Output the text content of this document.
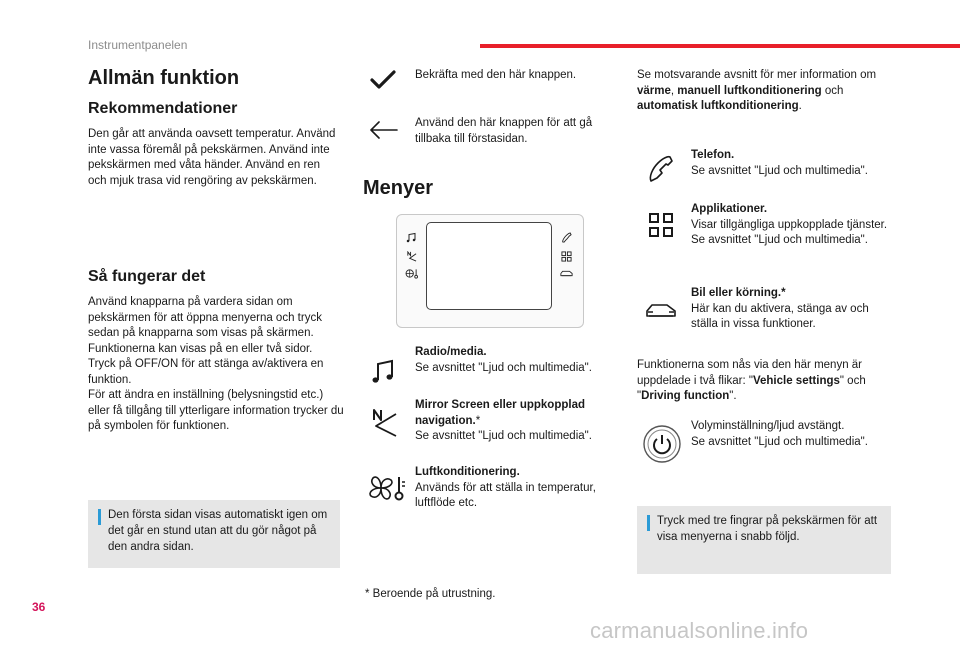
Instrumentpanelen
Allmän funktion
Rekommendationer

Den går att använda oavsett temperatur. Använd inte vassa föremål på pekskärmen. Använd inte pekskärmen med våta händer. Använd en ren och mjuk trasa vid rengöring av pekskärmen.

Så fungerar det

Använd knapparna på vardera sidan om pekskärmen för att öppna menyerna och tryck sedan på knapparna som visas på skärmen.

Funktionerna kan visas på en eller två sidor.

Tryck på OFF/ON för att stänga av/aktivera en funktion.

För att ändra en inställning (belysningstid etc.) eller få tillgång till ytterligare information trycker du på symbolen för funktionen.

Den första sidan visas automatiskt igen om det går en stund utan att du gör något på den andra sidan.
Bekräfta med den här knappen.
Använd den här knappen för att gå tillbaka till förstasidan.
Menyer

Radio/media.

Se avsnittet "Ljud och multimedia".

Mirror Screen eller uppkopplad navigation.*

Se avsnittet "Ljud och multimedia".

Luftkonditionering.

Används för att ställa in temperatur, luftflöde etc.

* Beroende på utrustning.
Se motsvarande avsnitt för mer information om värme, manuell luftkonditionering och automatisk luftkonditionering.

Telefon.

Se avsnittet "Ljud och multimedia".

Applikationer.

Visar tillgängliga uppkopplade tjänster.

Se avsnittet "Ljud och multimedia".

Bil eller körning.*

Här kan du aktivera, stänga av och ställa in vissa funktioner.

Funktionerna som nås via den här menyn är uppdelade i två flikar: "Vehicle settings" och "Driving function".

Volyminställning/ljud avstängt.

Se avsnittet "Ljud och multimedia".

Tryck med tre fingrar på pekskärmen för att visa menyerna i snabb följd.
36
carmanualsonline.info
